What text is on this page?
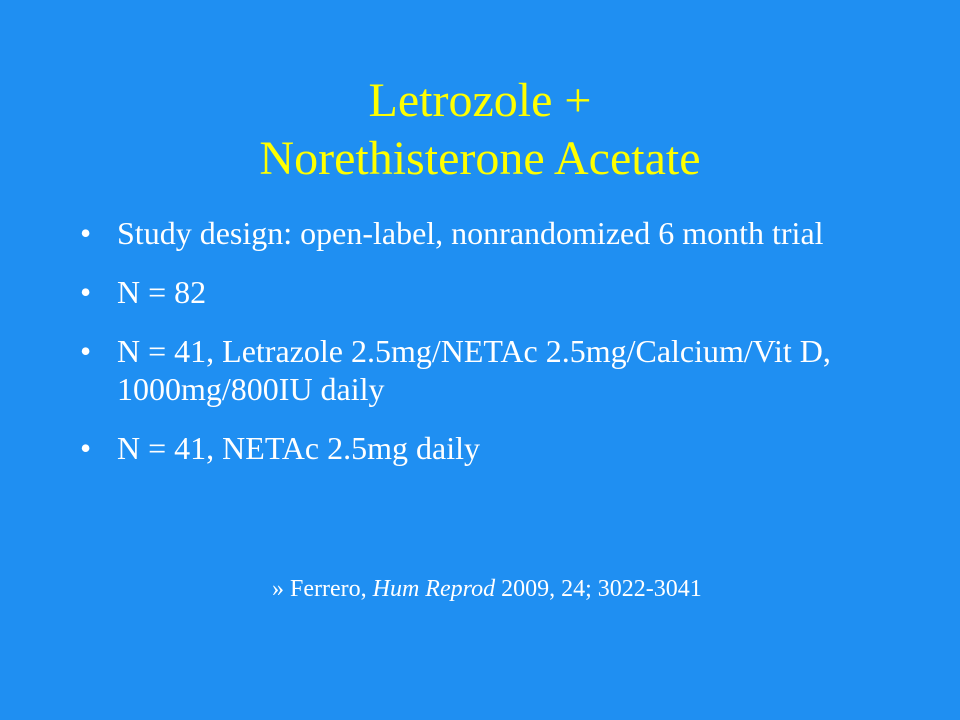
Letrozole +
Norethisterone Acetate
• Study design: open-label, nonrandomized 6 month trial
• N = 82
• N = 41, Letrazole 2.5mg/NETAc 2.5mg/Calcium/Vit D, 1000mg/800IU daily
• N = 41, NETAc 2.5mg daily
» Ferrero, Hum Reprod 2009, 24; 3022-3041
